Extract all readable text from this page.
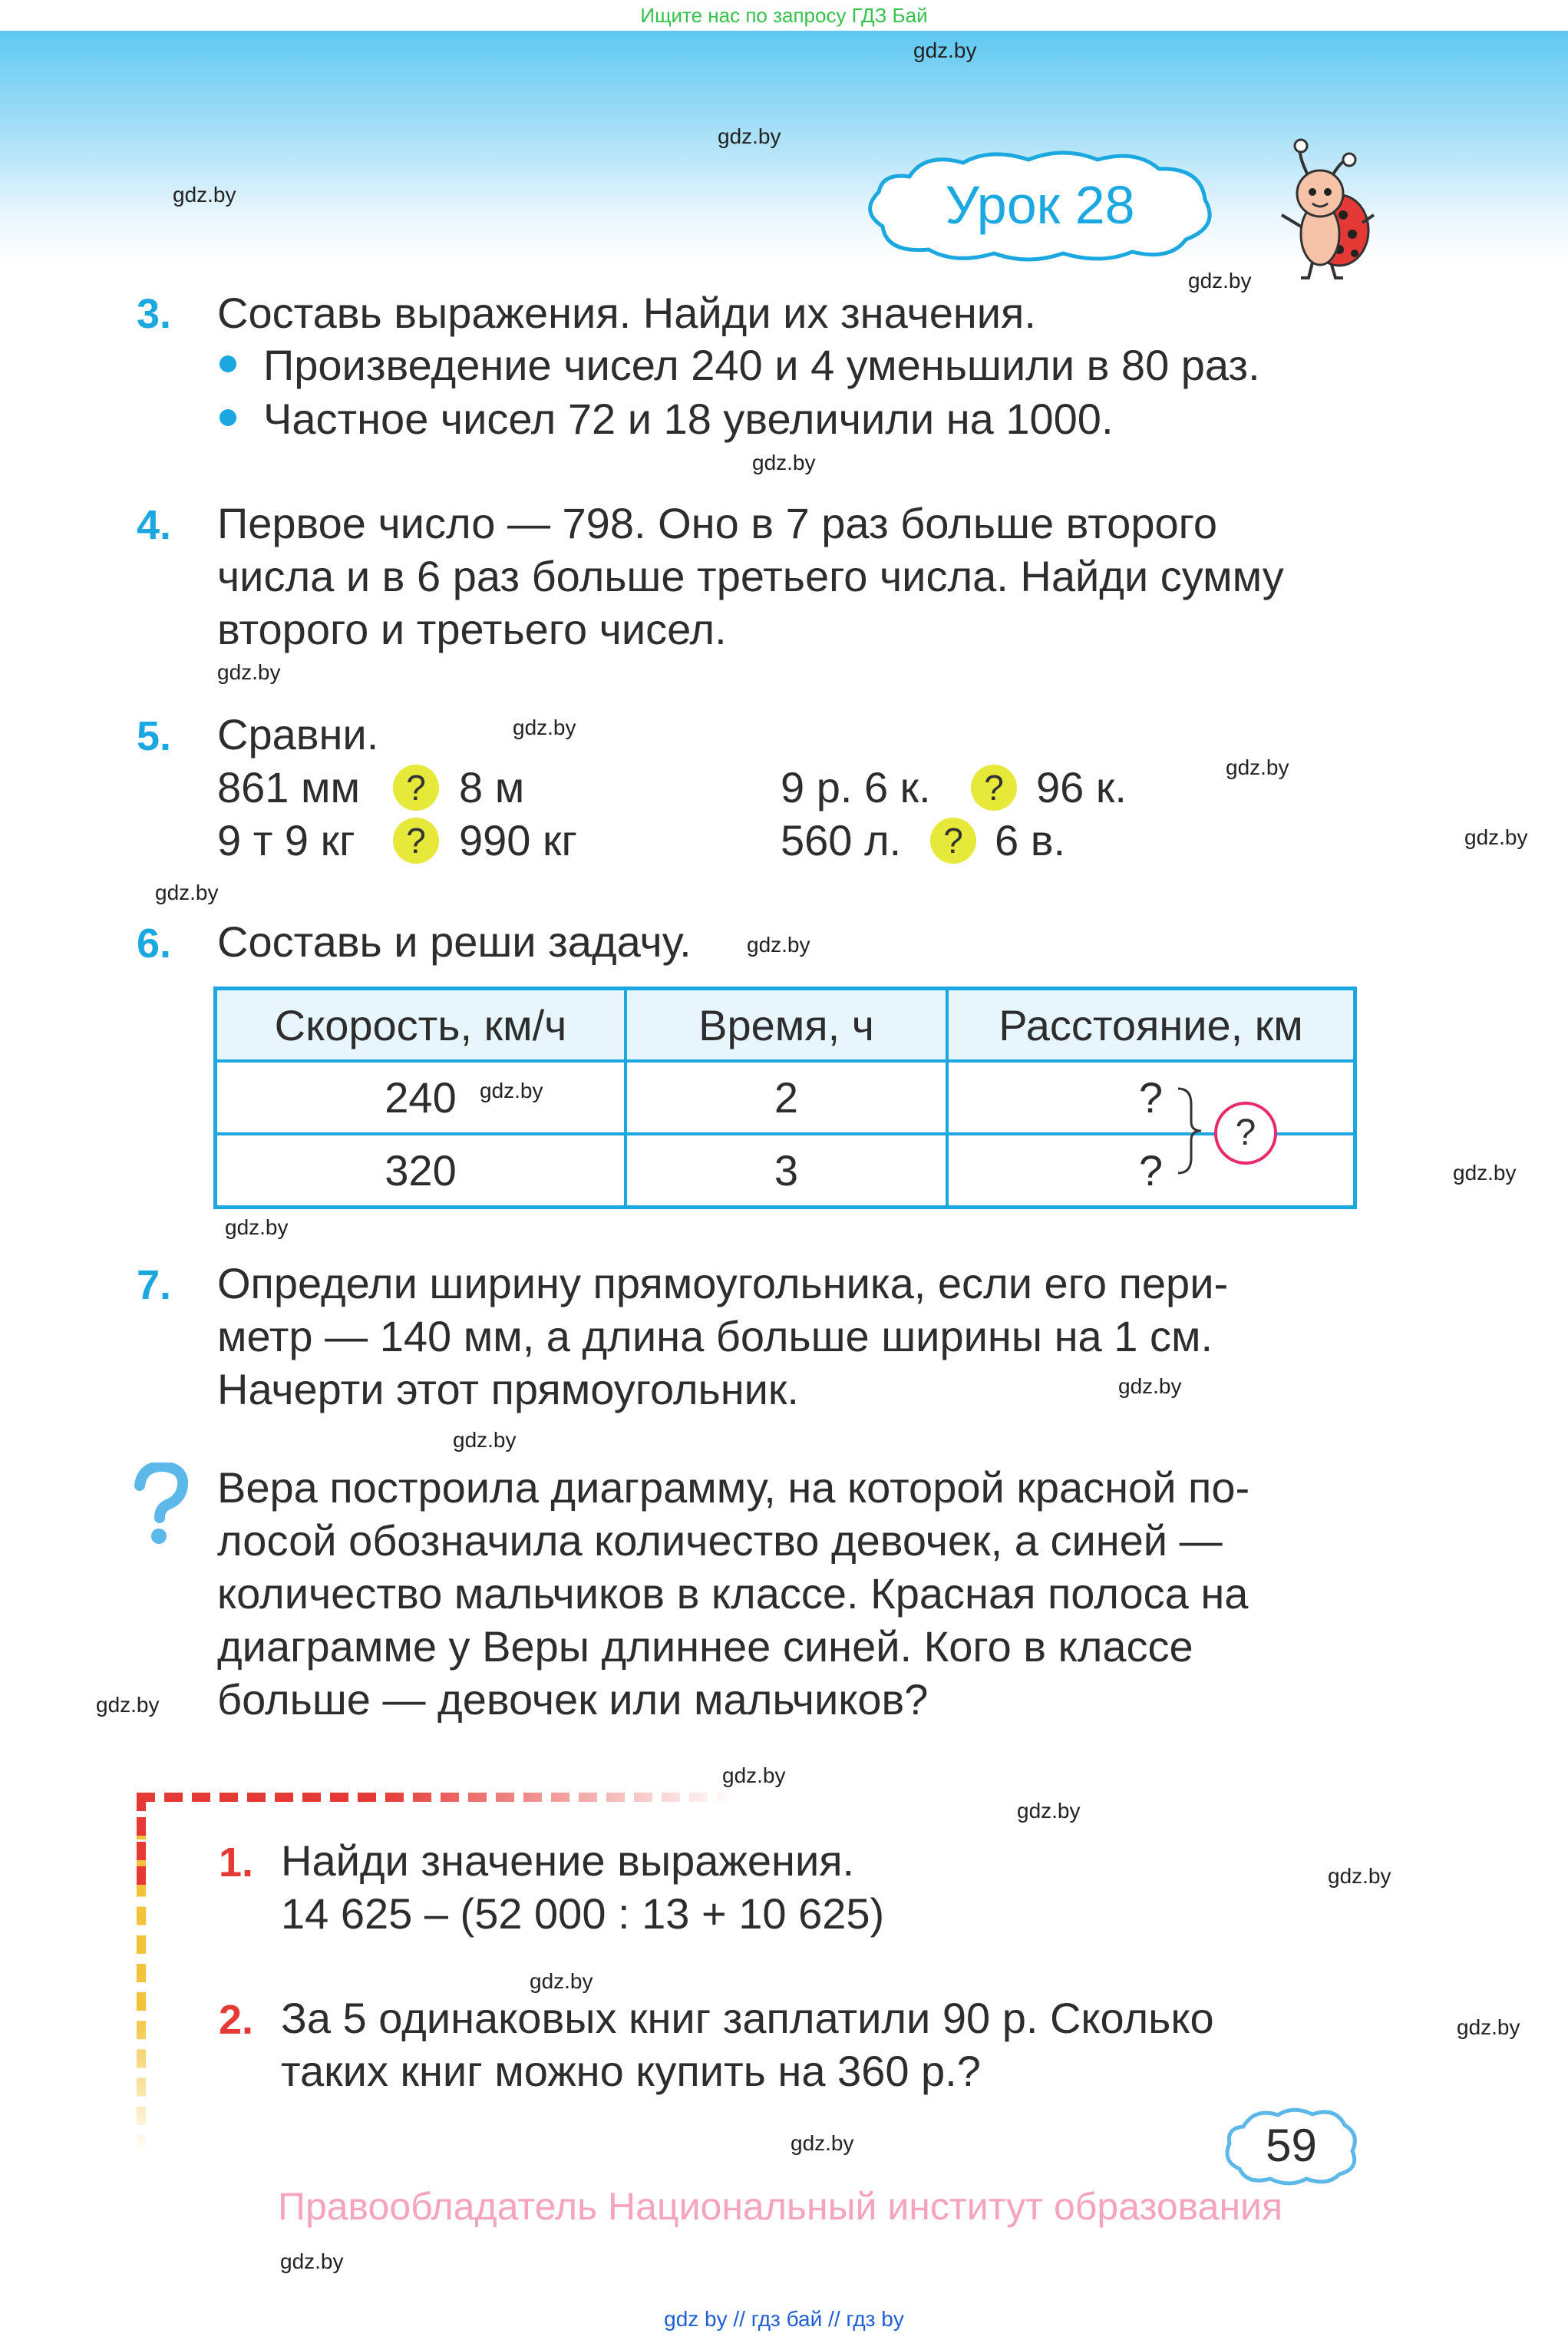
Ищите нас по запросу ГДЗ Бай
gdz.by
gdz.by
gdz.by
gdz.by
gdz.by
gdz.by
gdz.by
gdz.by
gdz.by
gdz.by
gdz.by
gdz.by
gdz.by
gdz.by
gdz.by
gdz.by
gdz.by
gdz.by
gdz.by
gdz.by
gdz.by
gdz.by
gdz.by
gdz.by
Урок 28
3. Составь выражения. Найди их значения.
Произведение чисел 240 и 4 уменьшили в 80 раз.
Частное чисел 72 и 18 увеличили на 1000.
4. Первое число — 798. Оно в 7 раз больше второго
числа и в 6 раз больше третьего числа. Найди сумму
второго и третьего чисел.
5. Сравни.
861 мм	? 8 м
9 т 9 кг	? 990 кг
9 р. 6 к.	? 96 к.
560 л.	? 6 в.
6. Составь и реши задачу.
Скорость, км/ч	Время, ч	Расстояние, км
240	2	?
320	3	?
?
7. Определи ширину прямоугольника, если его пери-
метр — 140 мм, а длина больше ширины на 1 см.
Начерти этот прямоугольник.
Вера построила диаграмму, на которой красной по-
лосой обозначила количество девочек, а синей —
количество мальчиков в классе. Красная полоса на
диаграмме у Веры длиннее синей. Кого в классе
больше — девочек или мальчиков?
1. Найди значение выражения.
14 625 – (52 000 : 13 + 10 625)
2. За 5 одинаковых книг заплатили 90 р. Сколько
таких книг можно купить на 360 р.?
59
Правообладатель Национальный институт образования
gdz by // гдз бай // гдз by
